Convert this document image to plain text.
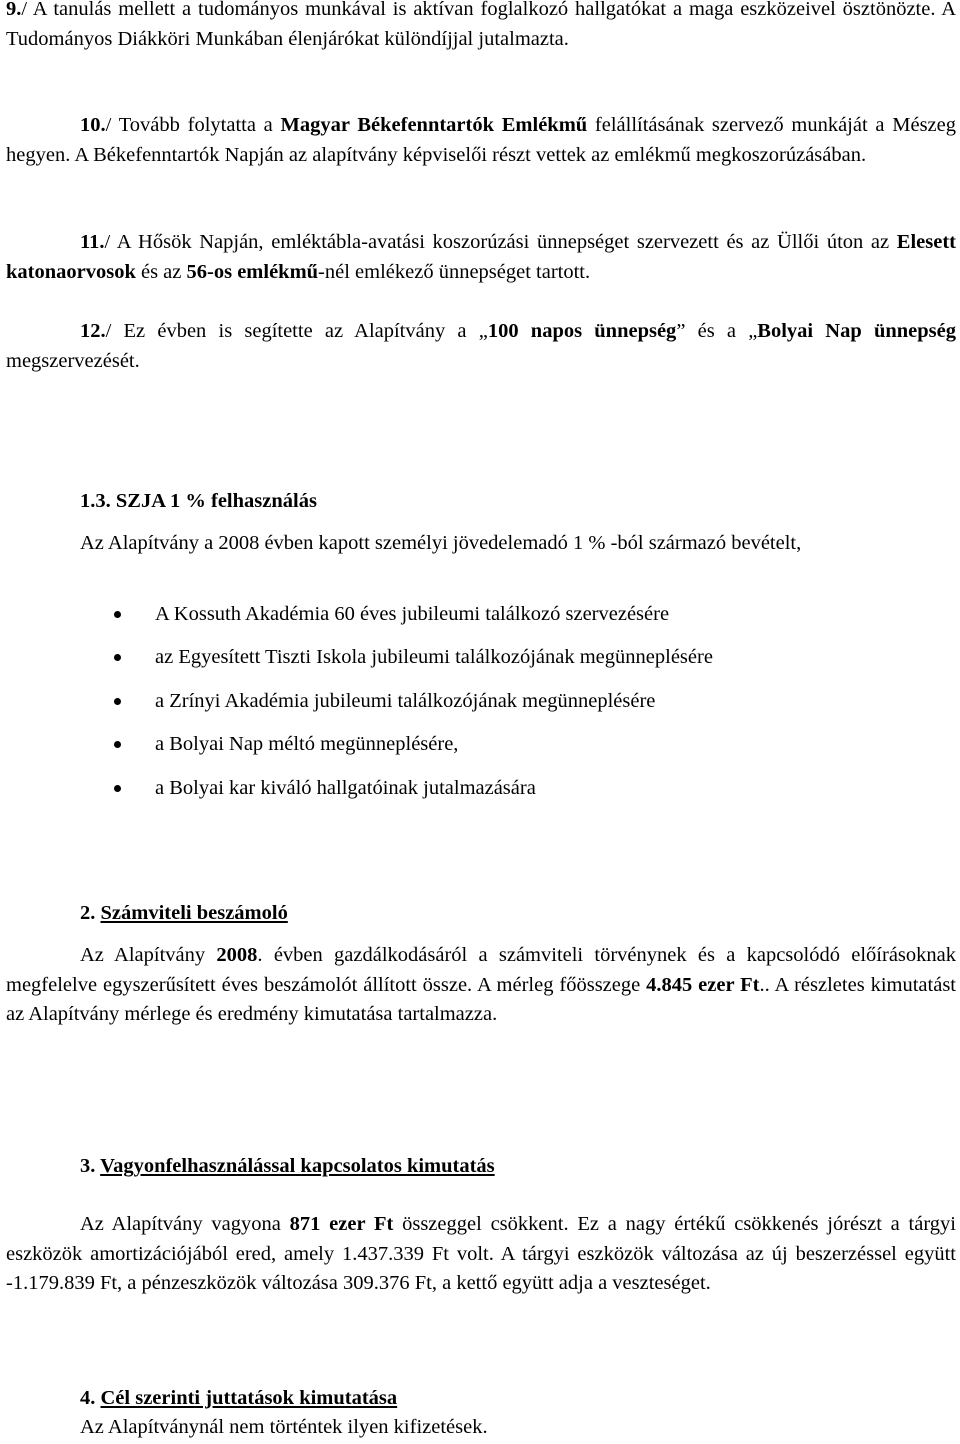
9./ A tanulás mellett a tudományos munkával is aktívan foglalkozó hallgatókat a maga eszközeivel ösztönözte. A Tudományos Diákköri Munkában élenjárókat különdíjjal jutalmazta.
10./ Tovább folytatta a Magyar Békefenntartók Emlékmű felállításának szervező munkáját a Mészeg hegyen. A Békefenntartók Napján az alapítvány képviselői részt vettek az emlékmű megkoszorúzásában.
11./ A Hősök Napján, emléktábla-avatási koszorúzási ünnepséget szervezett és az Üllői úton az Elesett katonaorvosok és az 56-os emlékmű-nél emlékező ünnepséget tartott.
12./ Ez évben is segítette az Alapítvány a „100 napos ünnepség” és a „Bolyai Nap ünnepség megszervezését.
1.3. SZJA 1 % felhasználás
Az Alapítvány a 2008 évben kapott személyi jövedelemadó 1 % -ból származó bevételt,
A Kossuth Akadémia 60 éves jubileumi találkozó szervezésére
az Egyesített Tiszti Iskola jubileumi találkozójának megünneplésére
a Zrínyi Akadémia jubileumi találkozójának megünneplésére
a Bolyai Nap méltó megünneplésére,
a Bolyai kar kiváló hallgatóinak jutalmazására
2. Számviteli beszámoló
Az Alapítvány 2008. évben gazdálkodásáról a számviteli törvénynek és a kapcsolódó előírásoknak megfelelve egyszerűsített éves beszámolót állított össze. A mérleg főösszege 4.845 ezer Ft.. A részletes kimutatást az Alapítvány mérlege és eredmény kimutatása tartalmazza.
3. Vagyonfelhasználással kapcsolatos kimutatás
Az Alapítvány vagyona 871 ezer Ft összeggel csökkent. Ez a nagy értékű csökkenés jórészt a tárgyi eszközök amortizációjából ered, amely 1.437.339 Ft volt. A tárgyi eszközök változása az új beszerzéssel együtt -1.179.839 Ft, a pénzeszközök változása 309.376 Ft, a kettő együtt adja a veszteséget.
4. Cél szerinti juttatások kimutatása
Az Alapítványnál nem történtek ilyen kifizetések.
